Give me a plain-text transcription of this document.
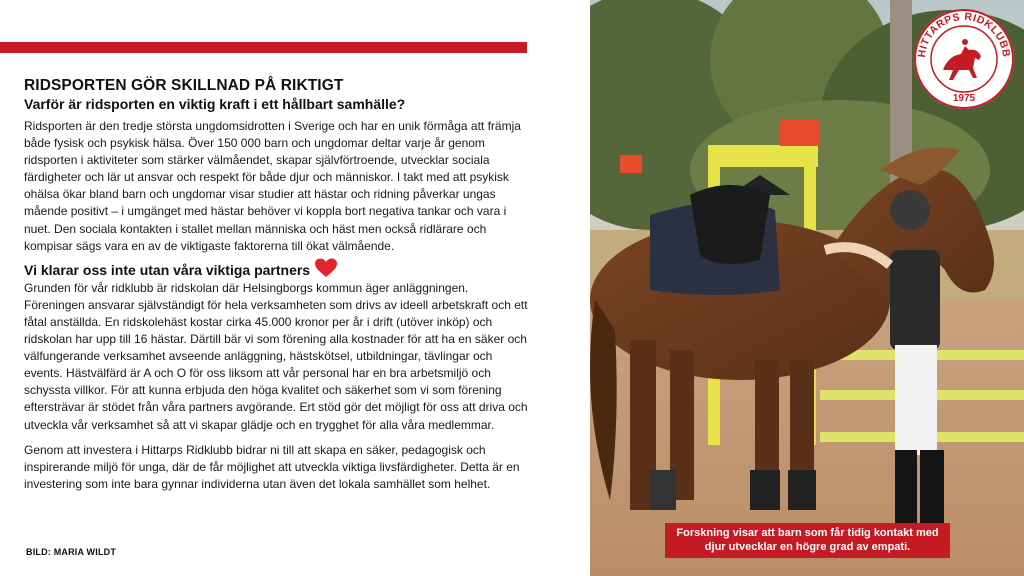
RIDSPORTEN GÖR SKILLNAD PÅ RIKTIGT
Varför är ridsporten en viktig kraft i ett hållbart samhälle?

Ridsporten är den tredje största ungdomsidrotten i Sverige och har en unik förmåga att främja både fysisk och psykisk hälsa. Över 150 000 barn och ungdomar deltar varje år genom ridsporten i aktiviteter som stärker välmåendet, skapar självförtroende, utvecklar sociala färdigheter och lär ut ansvar och respekt för både djur och människor. I takt med att psykisk ohälsa ökar bland barn och ungdomar visar studier att hästar och ridning påverkar ungas mående positivt – i umgänget med hästar behöver vi koppla bort negativa tankar och vara i nuet. Den sociala kontakten i stallet mellan människa och häst men också ridlärare och kompisar sägs vara en av de viktigaste faktorerna till ökat välmående.

Vi klarar oss inte utan våra viktiga partners

Grunden för vår ridklubb är ridskolan där Helsingborgs kommun äger anläggningen. Föreningen ansvarar självständigt för hela verksamheten som drivs av ideell arbetskraft och ett fåtal anställda. En ridskolehäst kostar cirka 45.000 kronor per år i drift (utöver inköp) och ridskolan har upp till 16 hästar. Därtill bär vi som förening alla kostnader för att ha en säker och välfungerande verksamhet avseende anläggning, hästskötsel, utbildningar, tävlingar och events. Hästvälfärd är A och O för oss liksom att vår personal har en bra arbetsmiljö och schyssta villkor. För att kunna erbjuda den höga kvalitet och säkerhet som vi som förening eftersträvar är stödet från våra partners avgörande. Ert stöd gör det möjligt för oss att driva och utveckla vår verksamhet så att vi skapar glädje och en trygghet för alla våra medlemmar.

Genom att investera i Hittarps Ridklubb bidrar ni till att skapa en säker, pedagogisk och inspirerande miljö för unga, där de får möjlighet att utveckla viktiga livsfärdigheter. Detta är en investering som inte bara gynnar individerna utan även det lokala samhället som helhet.

BILD: MARIA WILDT
HITTARPS RIDKLUBB
1975
Forskning visar att barn som får tidig kontakt med djur utvecklar en högre grad av empati.
